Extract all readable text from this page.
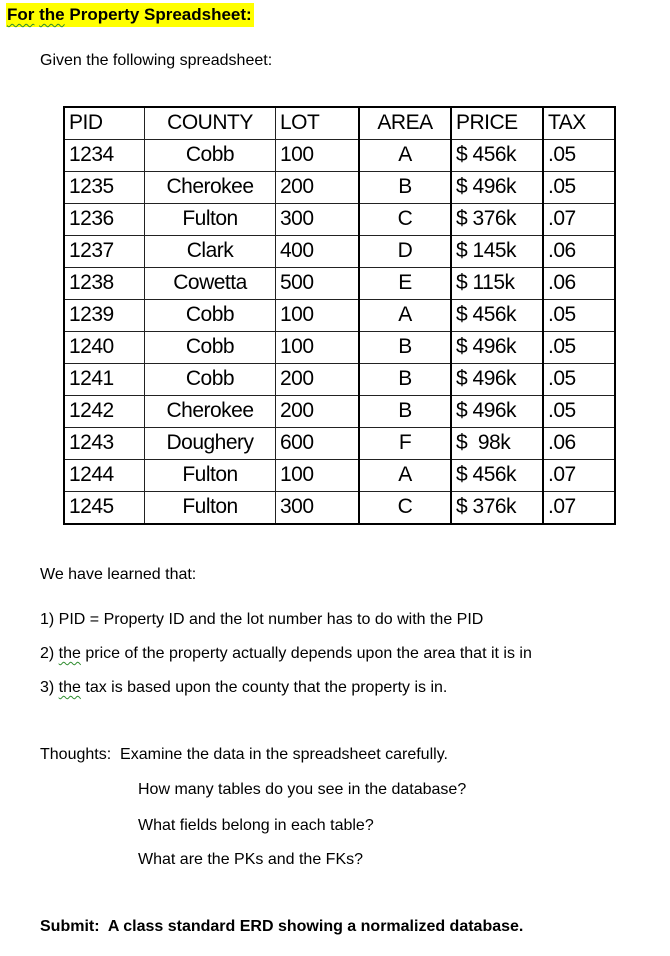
For the Property Spreadsheet:
Given the following spreadsheet:
PID	COUNTY	LOT	AREA	PRICE	TAX
1234	Cobb	100	A	$ 456k	.05
1235	Cherokee	200	B	$ 496k	.05
1236	Fulton	300	C	$ 376k	.07
1237	Clark	400	D	$ 145k	.06
1238	Cowetta	500	E	$ 115k	.06
1239	Cobb	100	A	$ 456k	.05
1240	Cobb	100	B	$ 496k	.05
1241	Cobb	200	B	$ 496k	.05
1242	Cherokee	200	B	$ 496k	.05
1243	Doughery	600	F	$  98k	.06
1244	Fulton	100	A	$ 456k	.07
1245	Fulton	300	C	$ 376k	.07
We have learned that:
1) PID = Property ID and the lot number has to do with the PID
2) the price of the property actually depends upon the area that it is in
3) the tax is based upon the county that the property is in.
Thoughts:  Examine the data in the spreadsheet carefully.
How many tables do you see in the database?
What fields belong in each table?
What are the PKs and the FKs?
Submit:  A class standard ERD showing a normalized database.
